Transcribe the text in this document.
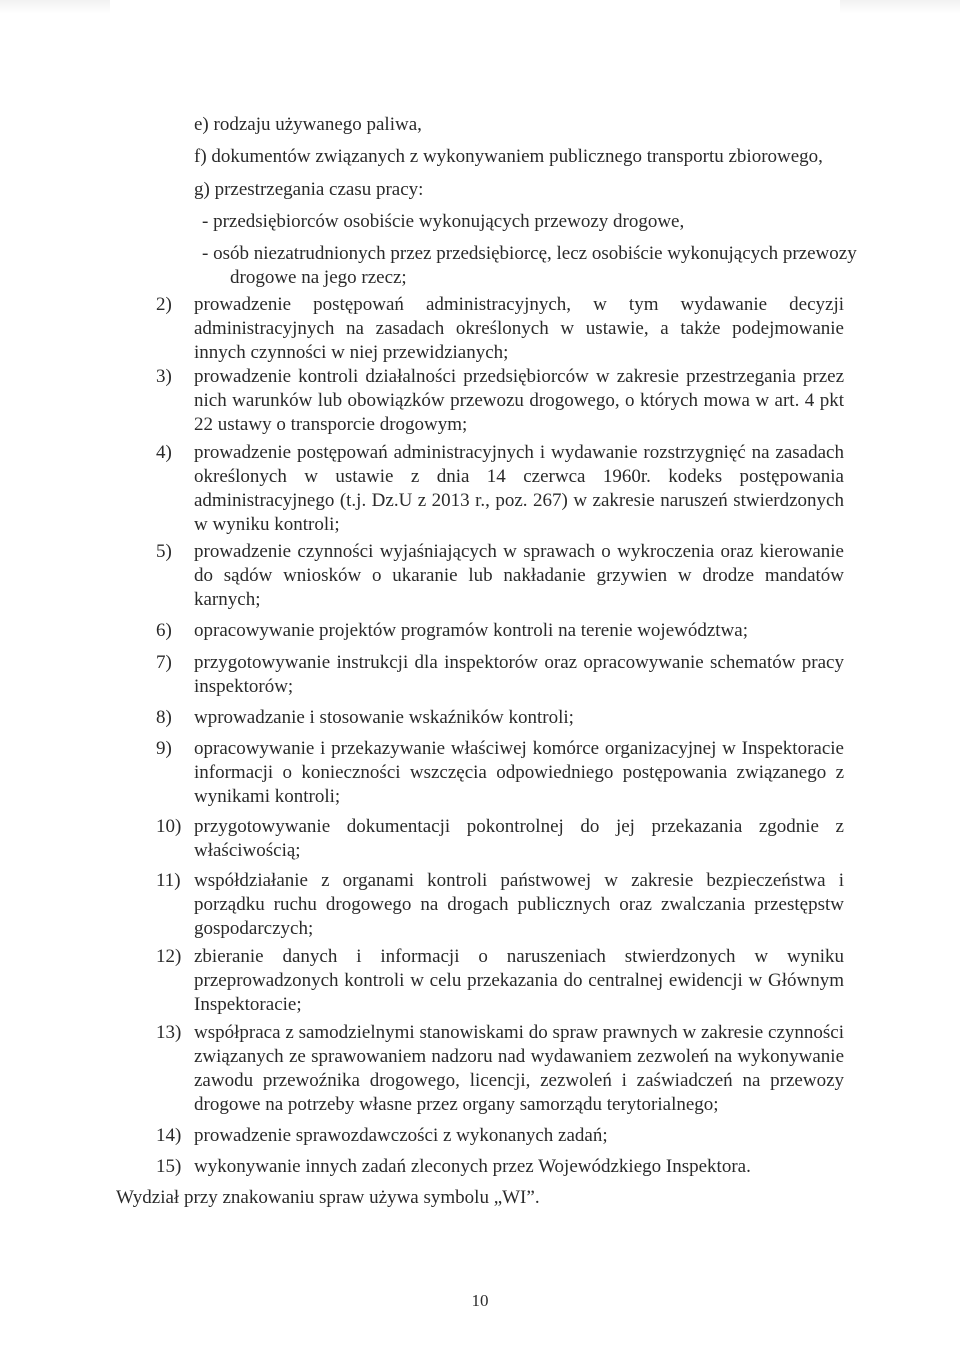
e) rodzaju używanego paliwa,
f) dokumentów związanych z wykonywaniem publicznego transportu zbiorowego,
g) przestrzegania czasu pracy:
- przedsiębiorców osobiście wykonujących przewozy drogowe,
- osób niezatrudnionych przez przedsiębiorcę, lecz osobiście wykonujących przewozy drogowe na jego rzecz;
2)	prowadzenie postępowań administracyjnych, w tym wydawanie decyzji administracyjnych na zasadach określonych w ustawie, a także podejmowanie innych czynności w niej przewidzianych;
3)	prowadzenie kontroli działalności przedsiębiorców w zakresie przestrzegania przez nich warunków lub obowiązków przewozu drogowego, o których mowa w art. 4 pkt 22 ustawy o transporcie drogowym;
4)	prowadzenie postępowań administracyjnych i wydawanie rozstrzygnięć na zasadach określonych w ustawie z dnia 14 czerwca 1960r. kodeks postępowania administracyjnego (t.j. Dz.U z 2013 r., poz. 267) w zakresie naruszeń stwierdzonych w wyniku kontroli;
5)	prowadzenie czynności wyjaśniających w sprawach o wykroczenia oraz kierowanie do sądów wniosków o ukaranie lub nakładanie grzywien w drodze mandatów karnych;
6)	opracowywanie projektów programów kontroli na terenie województwa;
7)	przygotowywanie instrukcji dla inspektorów oraz opracowywanie schematów pracy inspektorów;
8)	wprowadzanie i stosowanie wskaźników kontroli;
9)	opracowywanie i przekazywanie właściwej komórce organizacyjnej w Inspektoracie informacji o konieczności wszczęcia odpowiedniego postępowania związanego z wynikami kontroli;
10) przygotowywanie dokumentacji pokontrolnej do jej przekazania zgodnie z właściwością;
11) współdziałanie z organami kontroli państwowej w zakresie bezpieczeństwa i porządku ruchu drogowego na drogach publicznych oraz zwalczania przestępstw gospodarczych;
12) zbieranie danych i informacji o naruszeniach stwierdzonych w wyniku przeprowadzonych kontroli w celu przekazania do centralnej ewidencji w Głównym Inspektoracie;
13) współpraca z samodzielnymi stanowiskami do spraw prawnych w zakresie czynności związanych ze sprawowaniem nadzoru nad wydawaniem zezwoleń na wykonywanie zawodu przewoźnika drogowego, licencji, zezwoleń i zaświadczeń na przewozy drogowe na potrzeby własne przez organy samorządu terytorialnego;
14) prowadzenie sprawozdawczości z wykonanych zadań;
15) wykonywanie innych zadań zleconych przez Wojewódzkiego Inspektora.
Wydział przy znakowaniu spraw używa symbolu „WI”.
10
